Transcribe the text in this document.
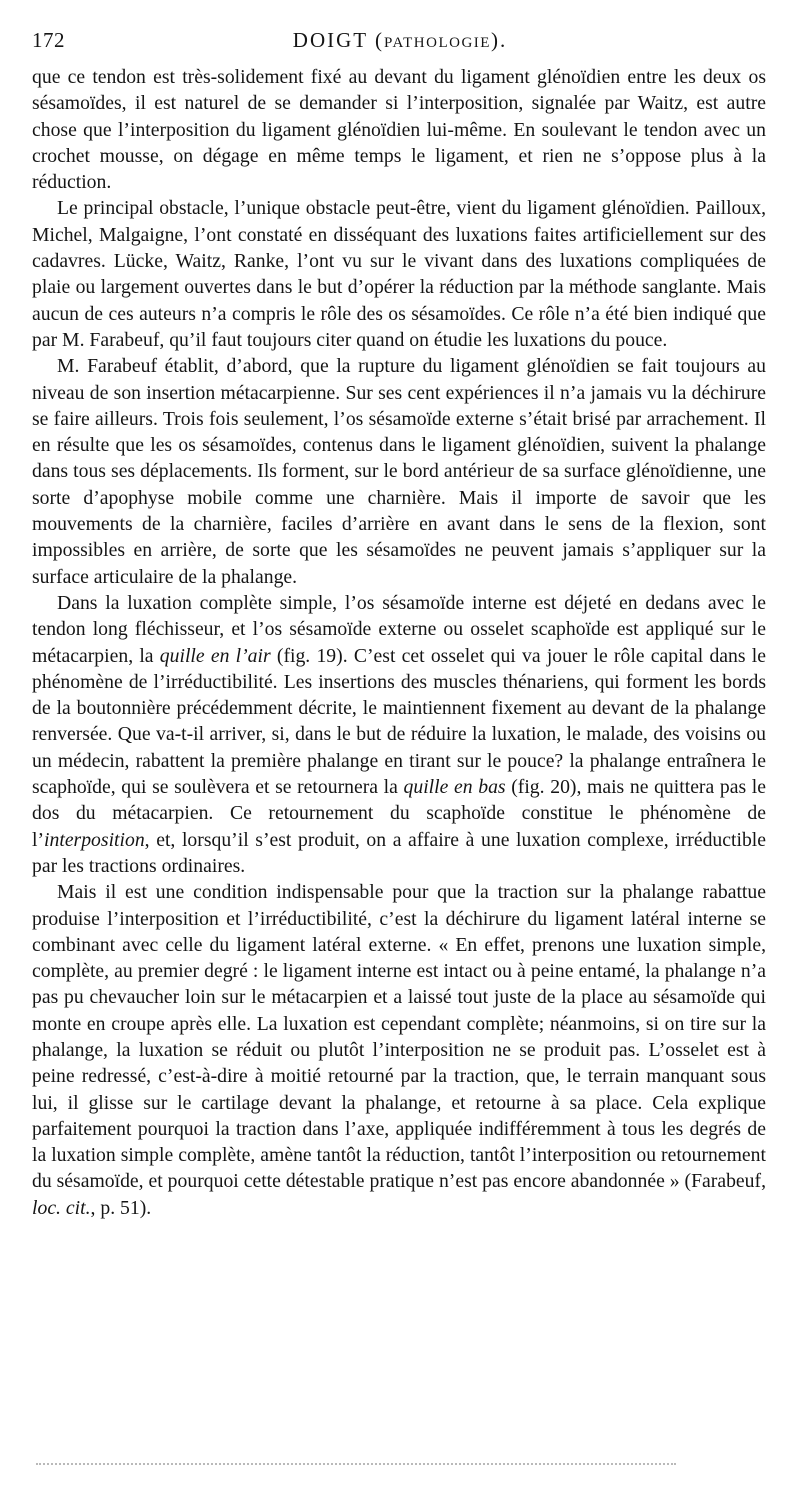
172	DOIGT (PATHOLOGIE).

que ce tendon est très-solidement fixé au devant du ligament glénoïdien entre les deux os sésamoïdes, il est naturel de se demander si l’interposition, signalée par Waitz, est autre chose que l’interposition du ligament glénoïdien lui-même. En soulevant le tendon avec un crochet mousse, on dégage en même temps le ligament, et rien ne s’oppose plus à la réduction.

Le principal obstacle, l’unique obstacle peut-être, vient du ligament glénoïdien. Pailloux, Michel, Malgaigne, l’ont constaté en disséquant des luxations faites artificiellement sur des cadavres. Lücke, Waitz, Ranke, l’ont vu sur le vivant dans des luxations compliquées de plaie ou largement ouvertes dans le but d’opérer la réduction par la méthode sanglante. Mais aucun de ces auteurs n’a compris le rôle des os sésamoïdes. Ce rôle n’a été bien indiqué que par M. Farabeuf, qu’il faut toujours citer quand on étudie les luxations du pouce.

M. Farabeuf établit, d’abord, que la rupture du ligament glénoïdien se fait toujours au niveau de son insertion métacarpienne. Sur ses cent expériences il n’a jamais vu la déchirure se faire ailleurs. Trois fois seulement, l’os sésamoïde externe s’était brisé par arrachement. Il en résulte que les os sésamoïdes, contenus dans le ligament glénoïdien, suivent la phalange dans tous ses déplacements. Ils forment, sur le bord antérieur de sa surface glénoïdienne, une sorte d’apophyse mobile comme une charnière. Mais il importe de savoir que les mouvements de la charnière, faciles d’arrière en avant dans le sens de la flexion, sont impossibles en arrière, de sorte que les sésamoïdes ne peuvent jamais s’appliquer sur la surface articulaire de la phalange.

Dans la luxation complète simple, l’os sésamoïde interne est déjeté en dedans avec le tendon long fléchisseur, et l’os sésamoïde externe ou osselet scaphoïde est appliqué sur le métacarpien, la quille en l’air (fig. 19). C’est cet osselet qui va jouer le rôle capital dans le phénomène de l’irréductibilité. Les insertions des muscles thénariens, qui forment les bords de la boutonnière précédemment décrite, le maintiennent fixement au devant de la phalange renversée. Que va-t-il arriver, si, dans le but de réduire la luxation, le malade, des voisins ou un médecin, rabattent la première phalange en tirant sur le pouce? la phalange entraînera le scaphoïde, qui se soulèvera et se retournera la quille en bas (fig. 20), mais ne quittera pas le dos du métacarpien. Ce retournement du scaphoïde constitue le phénomène de l’interposition, et, lorsqu’il s’est produit, on a affaire à une luxation complexe, irréductible par les tractions ordinaires.

Mais il est une condition indispensable pour que la traction sur la phalange rabattue produise l’interposition et l’irréductibilité, c’est la déchirure du ligament latéral interne se combinant avec celle du ligament latéral externe. « En effet, prenons une luxation simple, complète, au premier degré : le ligament interne est intact ou à peine entamé, la phalange n’a pas pu chevaucher loin sur le métacarpien et a laissé tout juste de la place au sésamoïde qui monte en croupe après elle. La luxation est cependant complète; néanmoins, si on tire sur la phalange, la luxation se réduit ou plutôt l’interposition ne se produit pas. L’osselet est à peine redressé, c’est-à-dire à moitié retourné par la traction, que, le terrain manquant sous lui, il glisse sur le cartilage devant la phalange, et retourne à sa place. Cela explique parfaitement pourquoi la traction dans l’axe, appliquée indifféremment à tous les degrés de la luxation simple complète, amène tantôt la réduction, tantôt l’interposition ou retournement du sésamoïde, et pourquoi cette détestable pratique n’est pas encore abandonnée » (Farabeuf, loc. cit., p. 51).
